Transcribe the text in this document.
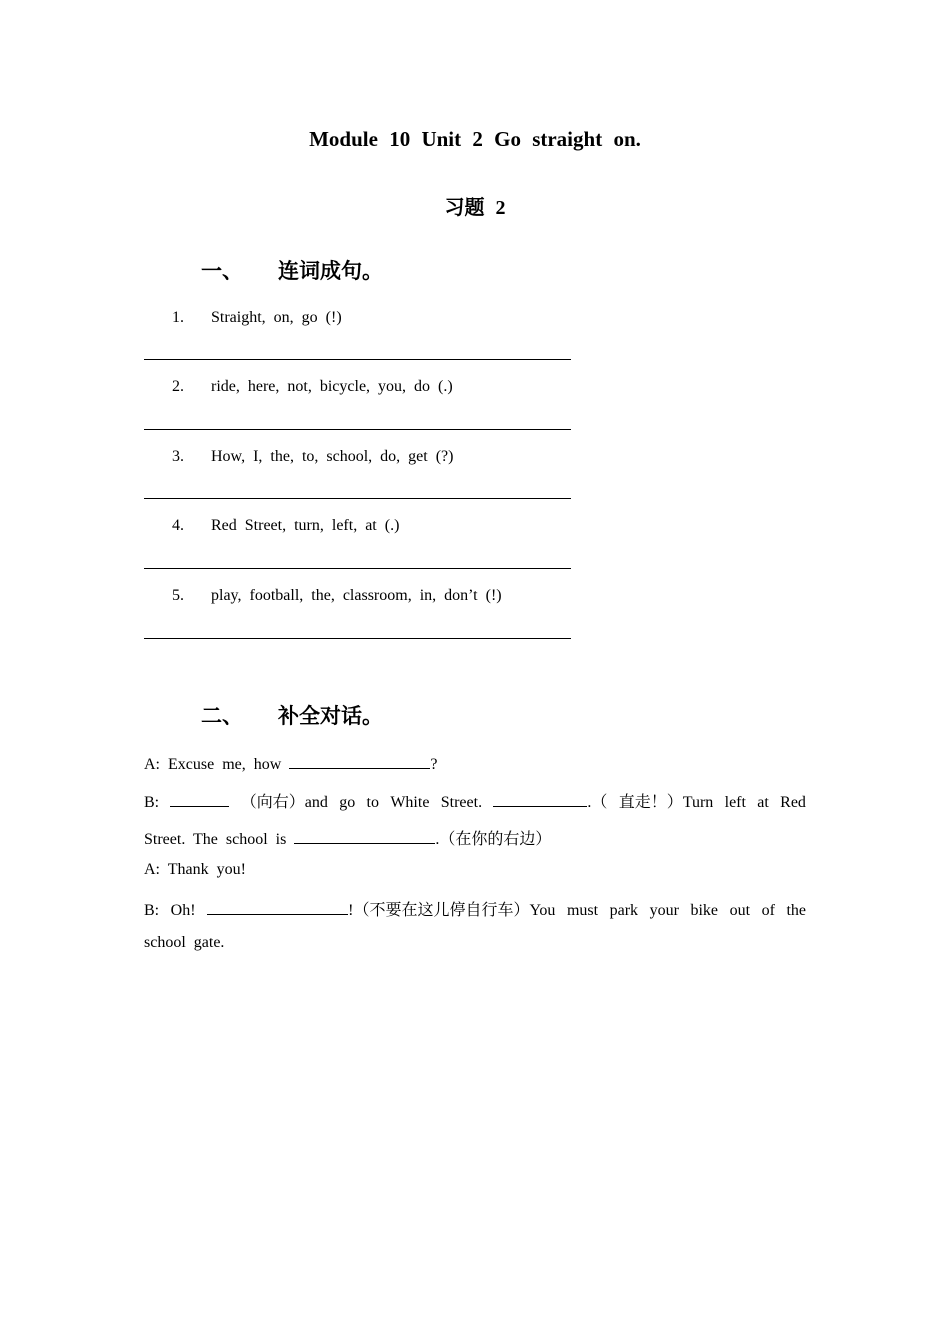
Module 10 Unit 2 Go straight on.
习题 2
一、 连词成句。
1. Straight, on, go (!)
2. ride, here, not, bicycle, you, do (.)
3. How, I, the, to, school, do, get (?)
4. Red Street, turn, left, at (.)
5. play, football, the, classroom, in, don’t (!)
二、 补全对话。
A: Excuse me, how	?
B:	（向右）and go to White Street.	.（ 直走！）Turn left at Red
Street. The school is	.（在你的右边）
A: Thank you!
B: Oh!	!（不要在这儿停自行车）You must park your bike out of the
school gate.
